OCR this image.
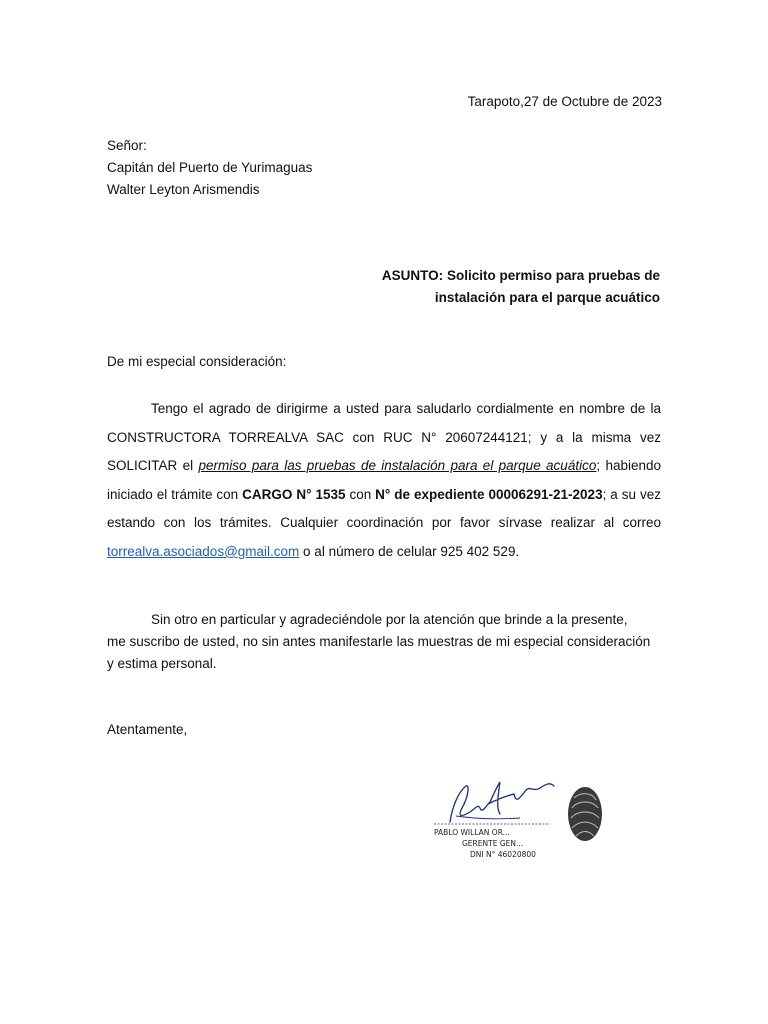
Tarapoto,27 de Octubre de 2023
Señor:
Capitán del Puerto de Yurimaguas
Walter Leyton Arismendis
ASUNTO: Solicito permiso para pruebas de
instalación para el parque acuático
De mi especial consideración:
Tengo el agrado de dirigirme a usted para saludarlo cordialmente en nombre de la CONSTRUCTORA TORREALVA SAC con RUC N° 20607244121; y a la misma vez SOLICITAR el permiso para las pruebas de instalación para el parque acuático; habiendo iniciado el trámite con CARGO N° 1535 con N° de expediente 00006291-21-2023; a su vez estando con los trámites. Cualquier coordinación por favor sírvase realizar al correo torrealva.asociados@gmail.com o al número de celular 925 402 529.
Sin otro en particular y agradeciéndole por la atención que brinde a la presente,
me suscribo de usted, no sin antes manifestarle las muestras de mi especial consideración
y estima personal.
Atentamente,
PABLO WILLAN OR...
GERENTE GEN...
DNI N° 46020800
